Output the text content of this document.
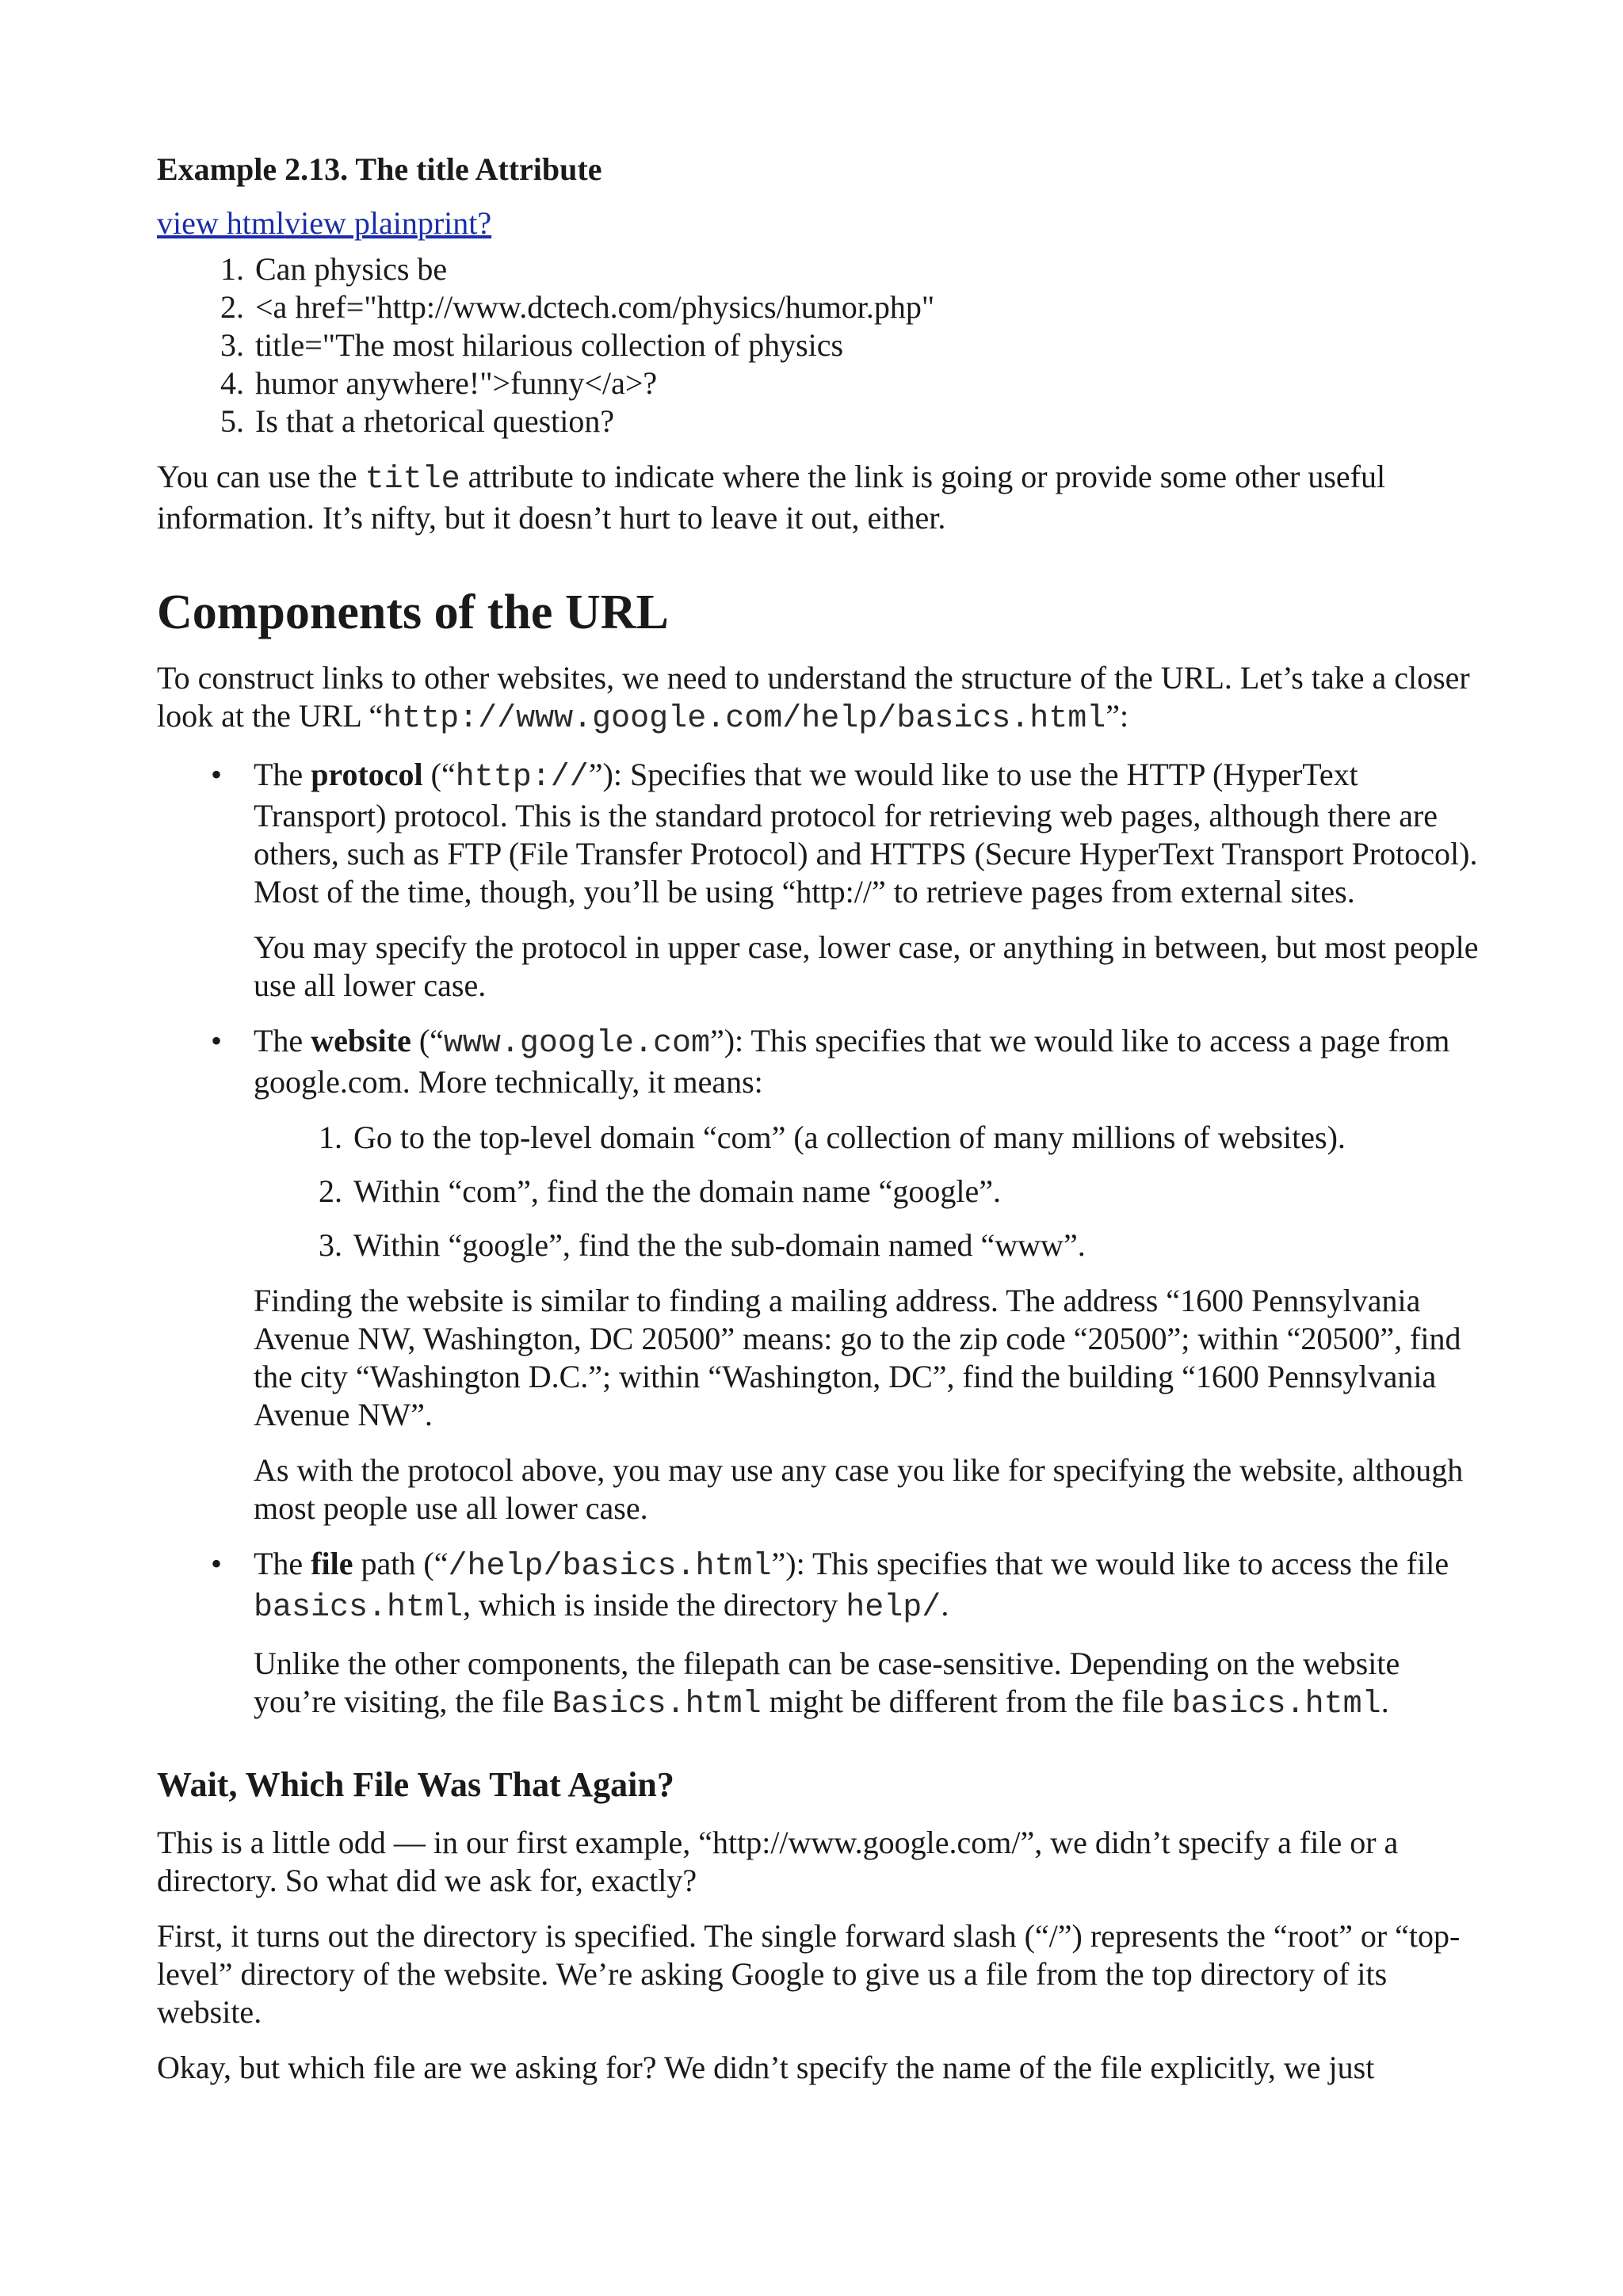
Example 2.13. The title Attribute
view htmlview plainprint?
1. Can physics be
2. <a href="http://www.dctech.com/physics/humor.php"
3. title="The most hilarious collection of physics
4. humor anywhere!">funny</a>?
5. Is that a rhetorical question?

You can use the title attribute to indicate where the link is going or provide some other useful information. It’s nifty, but it doesn’t hurt to leave it out, either.

Components of the URL

To construct links to other websites, we need to understand the structure of the URL. Let’s take a closer look at the URL “http://www.google.com/help/basics.html”:

• The protocol (“http://”): Specifies that we would like to use the HTTP (HyperText Transport) protocol. This is the standard protocol for retrieving web pages, although there are others, such as FTP (File Transfer Protocol) and HTTPS (Secure HyperText Transport Protocol). Most of the time, though, you’ll be using “http://” to retrieve pages from external sites.

You may specify the protocol in upper case, lower case, or anything in between, but most people use all lower case.

• The website (“www.google.com”): This specifies that we would like to access a page from google.com. More technically, it means:

1. Go to the top-level domain “com” (a collection of many millions of websites).
2. Within “com”, find the the domain name “google”.
3. Within “google”, find the the sub-domain named “www”.

Finding the website is similar to finding a mailing address. The address “1600 Pennsylvania Avenue NW, Washington, DC 20500” means: go to the zip code “20500”; within “20500”, find the city “Washington D.C.”; within “Washington, DC”, find the building “1600 Pennsylvania Avenue NW”.

As with the protocol above, you may use any case you like for specifying the website, although most people use all lower case.

• The file path (“/help/basics.html”): This specifies that we would like to access the file basics.html, which is inside the directory help/.

Unlike the other components, the filepath can be case-sensitive. Depending on the website you’re visiting, the file Basics.html might be different from the file basics.html.

Wait, Which File Was That Again?

This is a little odd — in our first example, “http://www.google.com/”, we didn’t specify a file or a directory. So what did we ask for, exactly?

First, it turns out the directory is specified. The single forward slash (“/”) represents the “root” or “top-level” directory of the website. We’re asking Google to give us a file from the top directory of its website.

Okay, but which file are we asking for? We didn’t specify the name of the file explicitly, we just
